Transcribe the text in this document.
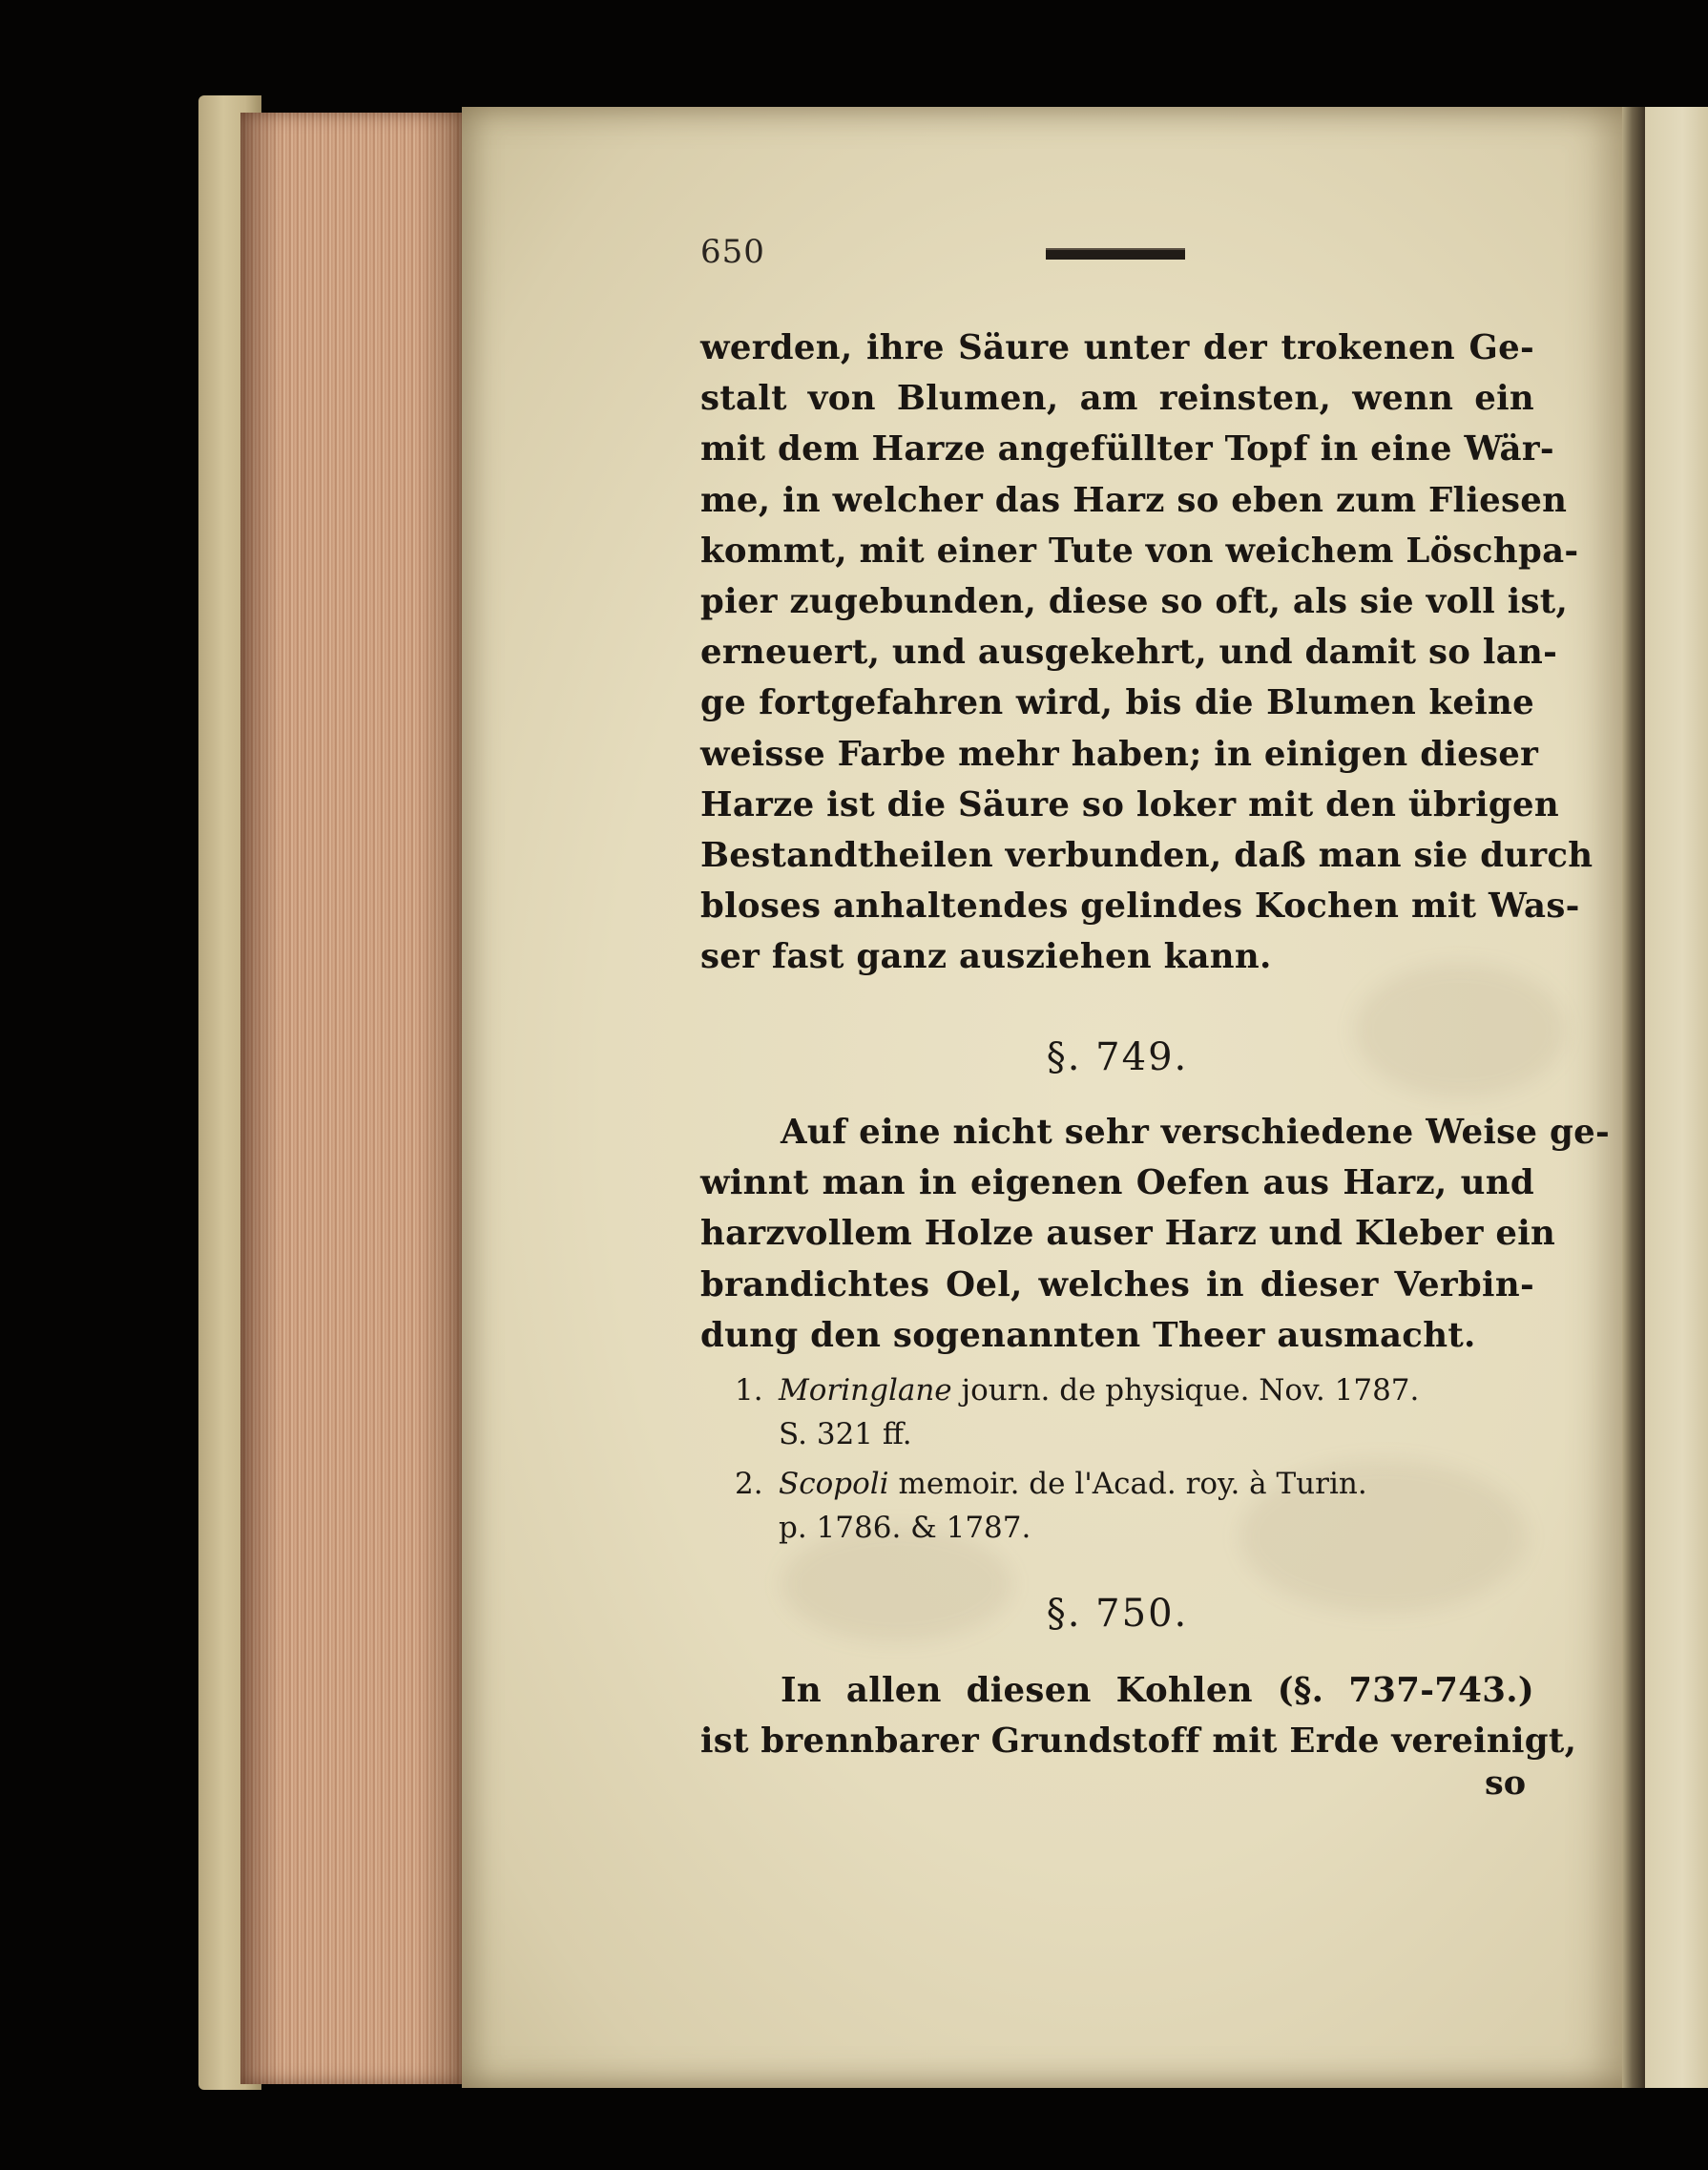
650
werden, ihre Säure unter der trokenen Ge-
stalt von Blumen, am reinsten, wenn ein
mit dem Harze angefüllter Topf in eine Wär-
me, in welcher das Harz so eben zum Fliesen
kommt, mit einer Tute von weichem Löschpa-
pier zugebunden, diese so oft, als sie voll ist,
erneuert, und ausgekehrt, und damit so lan-
ge fortgefahren wird, bis die Blumen keine
weisse Farbe mehr haben; in einigen dieser
Harze ist die Säure so loker mit den übrigen
Bestandtheilen verbunden, daß man sie durch
bloses anhaltendes gelindes Kochen mit Was-
ser fast ganz ausziehen kann.
§. 749.
Auf eine nicht sehr verschiedene Weise ge-
winnt man in eigenen Oefen aus Harz, und
harzvollem Holze auser Harz und Kleber ein
brandichtes Oel, welches in dieser Verbin-
dung den sogenannten Theer ausmacht.
1. Moringlane journ. de physique. Nov. 1787.
S. 321 ff.
2. Scopoli memoir. de l'Acad. roy. à Turin.
p. 1786. & 1787.
§. 750.
In allen diesen Kohlen (§. 737-743.)
ist brennbarer Grundstoff mit Erde vereinigt,
so
